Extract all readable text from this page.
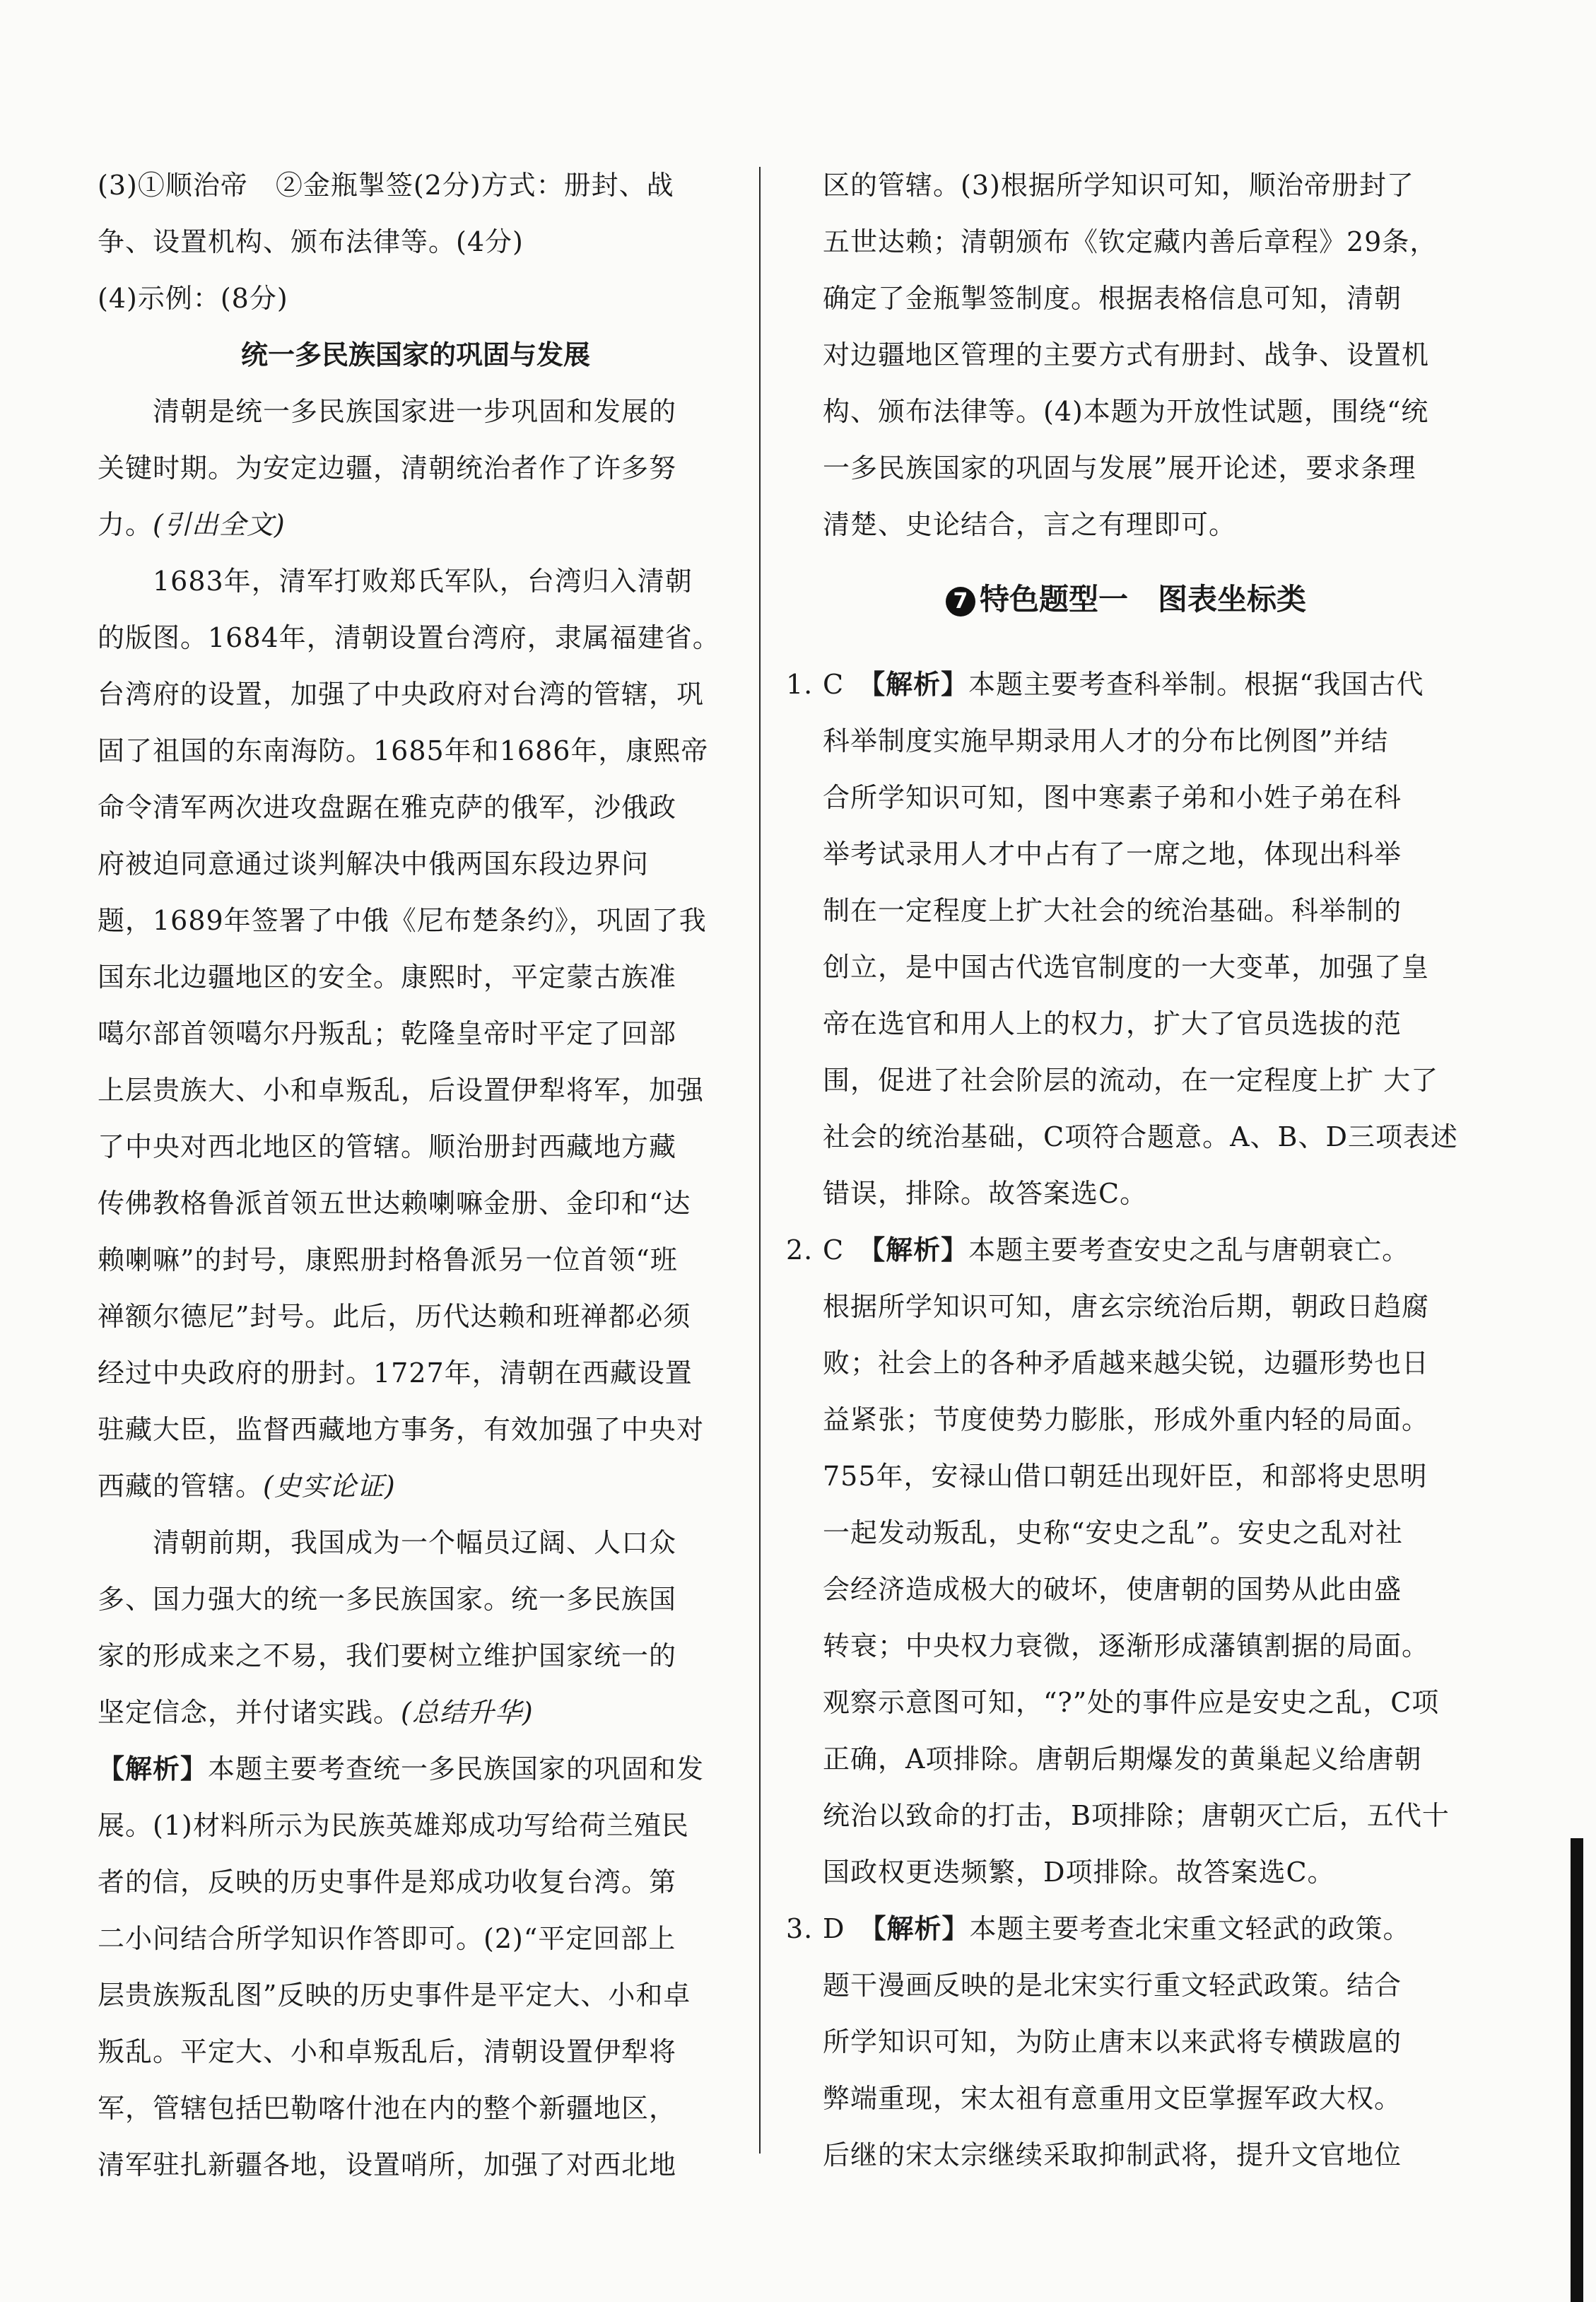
(3)①顺治帝　②金瓶掣签(2分)方式：册封、战
争、设置机构、颁布法律等。(4分)
(4)示例：(8分)
统一多民族国家的巩固与发展
清朝是统一多民族国家进一步巩固和发展的
关键时期。为安定边疆，清朝统治者作了许多努
力。(引出全文)
1683年，清军打败郑氏军队，台湾归入清朝
的版图。1684年，清朝设置台湾府，隶属福建省。
台湾府的设置，加强了中央政府对台湾的管辖，巩
固了祖国的东南海防。1685年和1686年，康熙帝
命令清军两次进攻盘踞在雅克萨的俄军，沙俄政
府被迫同意通过谈判解决中俄两国东段边界问
题，1689年签署了中俄《尼布楚条约》，巩固了我
国东北边疆地区的安全。康熙时，平定蒙古族准
噶尔部首领噶尔丹叛乱；乾隆皇帝时平定了回部
上层贵族大、小和卓叛乱，后设置伊犁将军，加强
了中央对西北地区的管辖。顺治册封西藏地方藏
传佛教格鲁派首领五世达赖喇嘛金册、金印和“达
赖喇嘛”的封号，康熙册封格鲁派另一位首领“班
禅额尔德尼”封号。此后，历代达赖和班禅都必须
经过中央政府的册封。1727年，清朝在西藏设置
驻藏大臣，监督西藏地方事务，有效加强了中央对
西藏的管辖。(史实论证)
清朝前期，我国成为一个幅员辽阔、人口众
多、国力强大的统一多民族国家。统一多民族国
家的形成来之不易，我们要树立维护国家统一的
坚定信念，并付诸实践。(总结升华)
【解析】本题主要考查统一多民族国家的巩固和发
展。(1)材料所示为民族英雄郑成功写给荷兰殖民
者的信，反映的历史事件是郑成功收复台湾。第
二小问结合所学知识作答即可。(2)“平定回部上
层贵族叛乱图”反映的历史事件是平定大、小和卓
叛乱。平定大、小和卓叛乱后，清朝设置伊犁将
军，管辖包括巴勒喀什池在内的整个新疆地区，
清军驻扎新疆各地，设置哨所，加强了对西北地
区的管辖。(3)根据所学知识可知，顺治帝册封了
五世达赖；清朝颁布《钦定藏内善后章程》29条，
确定了金瓶掣签制度。根据表格信息可知，清朝
对边疆地区管理的主要方式有册封、战争、设置机
构、颁布法律等。(4)本题为开放性试题，围绕“统
一多民族国家的巩固与发展”展开论述，要求条理
清楚、史论结合，言之有理即可。
7 特色题型一　图表坐标类
1. C　 【解析】本题主要考查科举制。根据“我国古代
科举制度实施早期录用人才的分布比例图”并结
合所学知识可知，图中寒素子弟和小姓子弟在科
举考试录用人才中占有了一席之地，体现出科举
制在一定程度上扩大社会的统治基础。科举制的
创立，是中国古代选官制度的一大变革，加强了皇
帝在选官和用人上的权力，扩大了官员选拔的范
围，促进了社会阶层的流动，在一定程度上扩 大了
社会的统治基础，C项符合题意。A、B、D三项表述
错误，排除。故答案选C。
2. C　 【解析】本题主要考查安史之乱与唐朝衰亡。
根据所学知识可知，唐玄宗统治后期，朝政日趋腐
败；社会上的各种矛盾越来越尖锐，边疆形势也日
益紧张；节度使势力膨胀，形成外重内轻的局面。
755年，安禄山借口朝廷出现奸臣，和部将史思明
一起发动叛乱，史称“安史之乱”。安史之乱对社
会经济造成极大的破坏，使唐朝的国势从此由盛
转衰；中央权力衰微，逐渐形成藩镇割据的局面。
观察示意图可知，“?”处的事件应是安史之乱，C项
正确，A项排除。唐朝后期爆发的黄巢起义给唐朝
统治以致命的打击，B项排除；唐朝灭亡后，五代十
国政权更迭频繁，D项排除。故答案选C。
3. D　 【解析】本题主要考查北宋重文轻武的政策。
题干漫画反映的是北宋实行重文轻武政策。结合
所学知识可知，为防止唐末以来武将专横跋扈的
弊端重现，宋太祖有意重用文臣掌握军政大权。
后继的宋太宗继续采取抑制武将，提升文官地位
